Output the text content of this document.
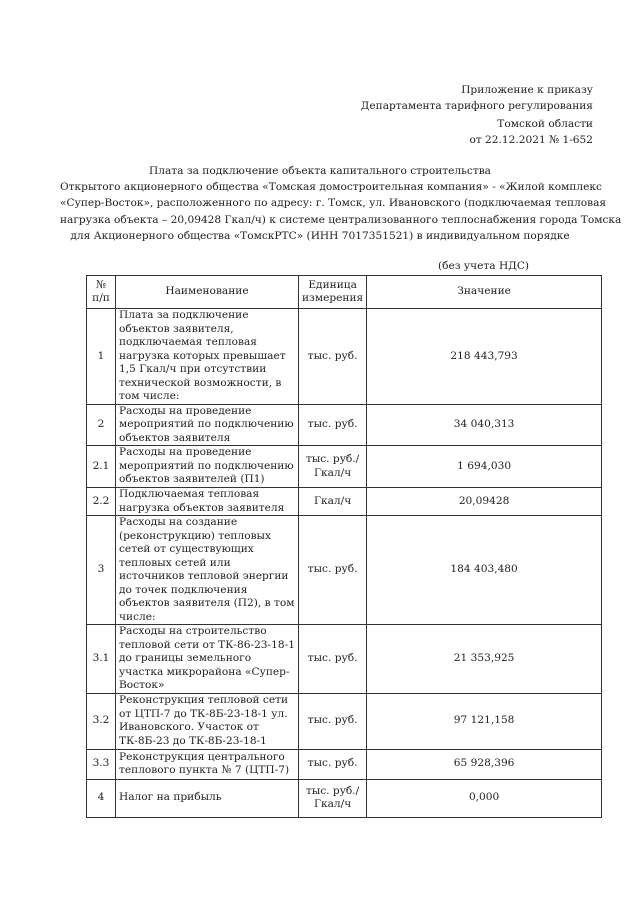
Приложение к приказу
Департамента тарифного регулирования
Томской области
от 22.12.2021 № 1-652
Плата за подключение объекта капитального строительства
Открытого акционерного общества «Томская домостроительная компания» - «Жилой комплекс
«Супер-Восток», расположенного по адресу: г. Томск, ул. Ивановского (подключаемая тепловая
нагрузка объекта – 20,09428 Гкал/ч) к системе централизованного теплоснабжения города Томска
для Акционерного общества «ТомскРТС» (ИНН 7017351521) в индивидуальном порядке
(без учета НДС)
№ п/п	Наименование	Единица измерения	Значение
1	Плата за подключение объектов заявителя, подключаемая тепловая нагрузка которых превышает 1,5 Гкал/ч при отсутствии технической возможности, в том числе:	тыс. руб.	218 443,793
2	Расходы на проведение мероприятий по подключению объектов заявителя	тыс. руб.	34 040,313
2.1	Расходы на проведение мероприятий по подключению объектов заявителей (П1)	тыс. руб./ Гкал/ч	1 694,030
2.2	Подключаемая тепловая нагрузка объектов заявителя	Гкал/ч	20,09428
3	Расходы на создание (реконструкцию) тепловых сетей от существующих тепловых сетей или источников тепловой энергии до точек подключения объектов заявителя (П2), в том числе:	тыс. руб.	184 403,480
3.1	Расходы на строительство тепловой сети от ТК-86-23-18-1 до границы земельного участка микрорайона «Супер-Восток»	тыс. руб.	21 353,925
3.2	Реконструкция тепловой сети от ЦТП-7 до ТК-8Б-23-18-1 ул. Ивановского. Участок от ТК-8Б-23 до ТК-8Б-23-18-1	тыс. руб.	97 121,158
3.3	Реконструкция центрального теплового пункта № 7 (ЦТП-7)	тыс. руб.	65 928,396
4	Налог на прибыль	тыс. руб./ Гкал/ч	0,000
